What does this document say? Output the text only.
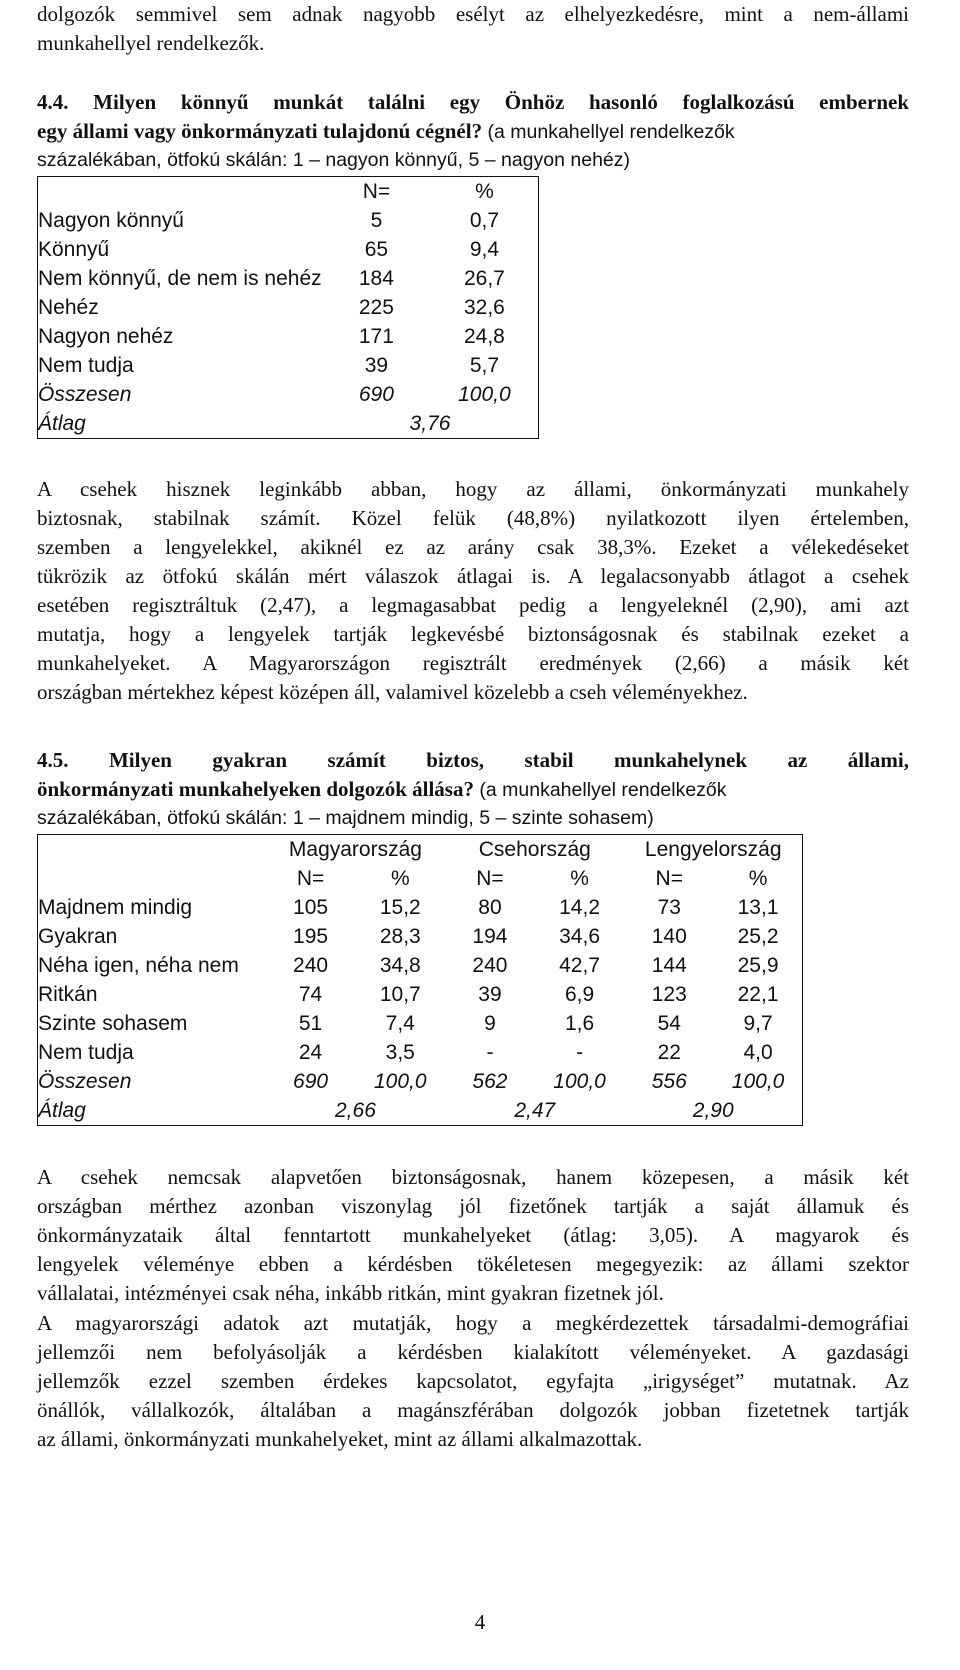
dolgozók semmivel sem adnak nagyobb esélyt az elhelyezkedésre, mint a nem-állami
munkahellyel rendelkezők.
4.4. Milyen könnyű munkát találni egy Önhöz hasonló foglalkozású embernek
egy állami vagy önkormányzati tulajdonú cégnél? (a munkahellyel rendelkezők
százalékában, ötfokú skálán: 1 – nagyon könnyű, 5 – nagyon nehéz)
	N=	%
Nagyon könnyű	5	0,7
Könnyű	65	9,4
Nem könnyű, de nem is nehéz	184	26,7
Nehéz	225	32,6
Nagyon nehéz	171	24,8
Nem tudja	39	5,7
Összesen	690	100,0
Átlag	3,76	
A csehek hisznek leginkább abban, hogy az állami, önkormányzati munkahely
biztosnak, stabilnak számít. Közel felük (48,8%) nyilatkozott ilyen értelemben,
szemben a lengyelekkel, akiknél ez az arány csak 38,3%. Ezeket a vélekedéseket
tükrözik az ötfokú skálán mért válaszok átlagai is. A legalacsonyabb átlagot a csehek
esetében regisztráltuk (2,47), a legmagasabbat pedig a lengyeleknél (2,90), ami azt
mutatja, hogy a lengyelek tartják legkevésbé biztonságosnak és stabilnak ezeket a
munkahelyeket. A Magyarországon regisztrált eredmények (2,66) a másik két
országban mértekhez képest középen áll, valamivel közelebb a cseh véleményekhez.
4.5. Milyen gyakran számít biztos, stabil munkahelynek az állami,
önkormányzati munkahelyeken dolgozók állása? (a munkahellyel rendelkezők
százalékában, ötfokú skálán: 1 – majdnem mindig, 5 – szinte sohasem)
	Magyarország		Csehország		Lengyelország	
	N=	%	N=	%	N=	%
Majdnem mindig	105	15,2	80	14,2	73	13,1
Gyakran	195	28,3	194	34,6	140	25,2
Néha igen, néha nem	240	34,8	240	42,7	144	25,9
Ritkán	74	10,7	39	6,9	123	22,1
Szinte sohasem	51	7,4	9	1,6	54	9,7
Nem tudja	24	3,5	-	-	22	4,0
Összesen	690	100,0	562	100,0	556	100,0
Átlag	2,66		2,47		2,90	
A csehek nemcsak alapvetően biztonságosnak, hanem közepesen, a másik két
országban mérthez azonban viszonylag jól fizetőnek tartják a saját államuk és
önkormányzataik által fenntartott munkahelyeket (átlag: 3,05). A magyarok és
lengyelek véleménye ebben a kérdésben tökéletesen megegyezik: az állami szektor
vállalatai, intézményei csak néha, inkább ritkán, mint gyakran fizetnek jól.
A magyarországi adatok azt mutatják, hogy a megkérdezettek társadalmi-demográfiai
jellemzői nem befolyásolják a kérdésben kialakított véleményeket. A gazdasági
jellemzők ezzel szemben érdekes kapcsolatot, egyfajta „irigységet” mutatnak. Az
önállók, vállalkozók, általában a magánszférában dolgozók jobban fizetetnek tartják
az állami, önkormányzati munkahelyeket, mint az állami alkalmazottak.
4
